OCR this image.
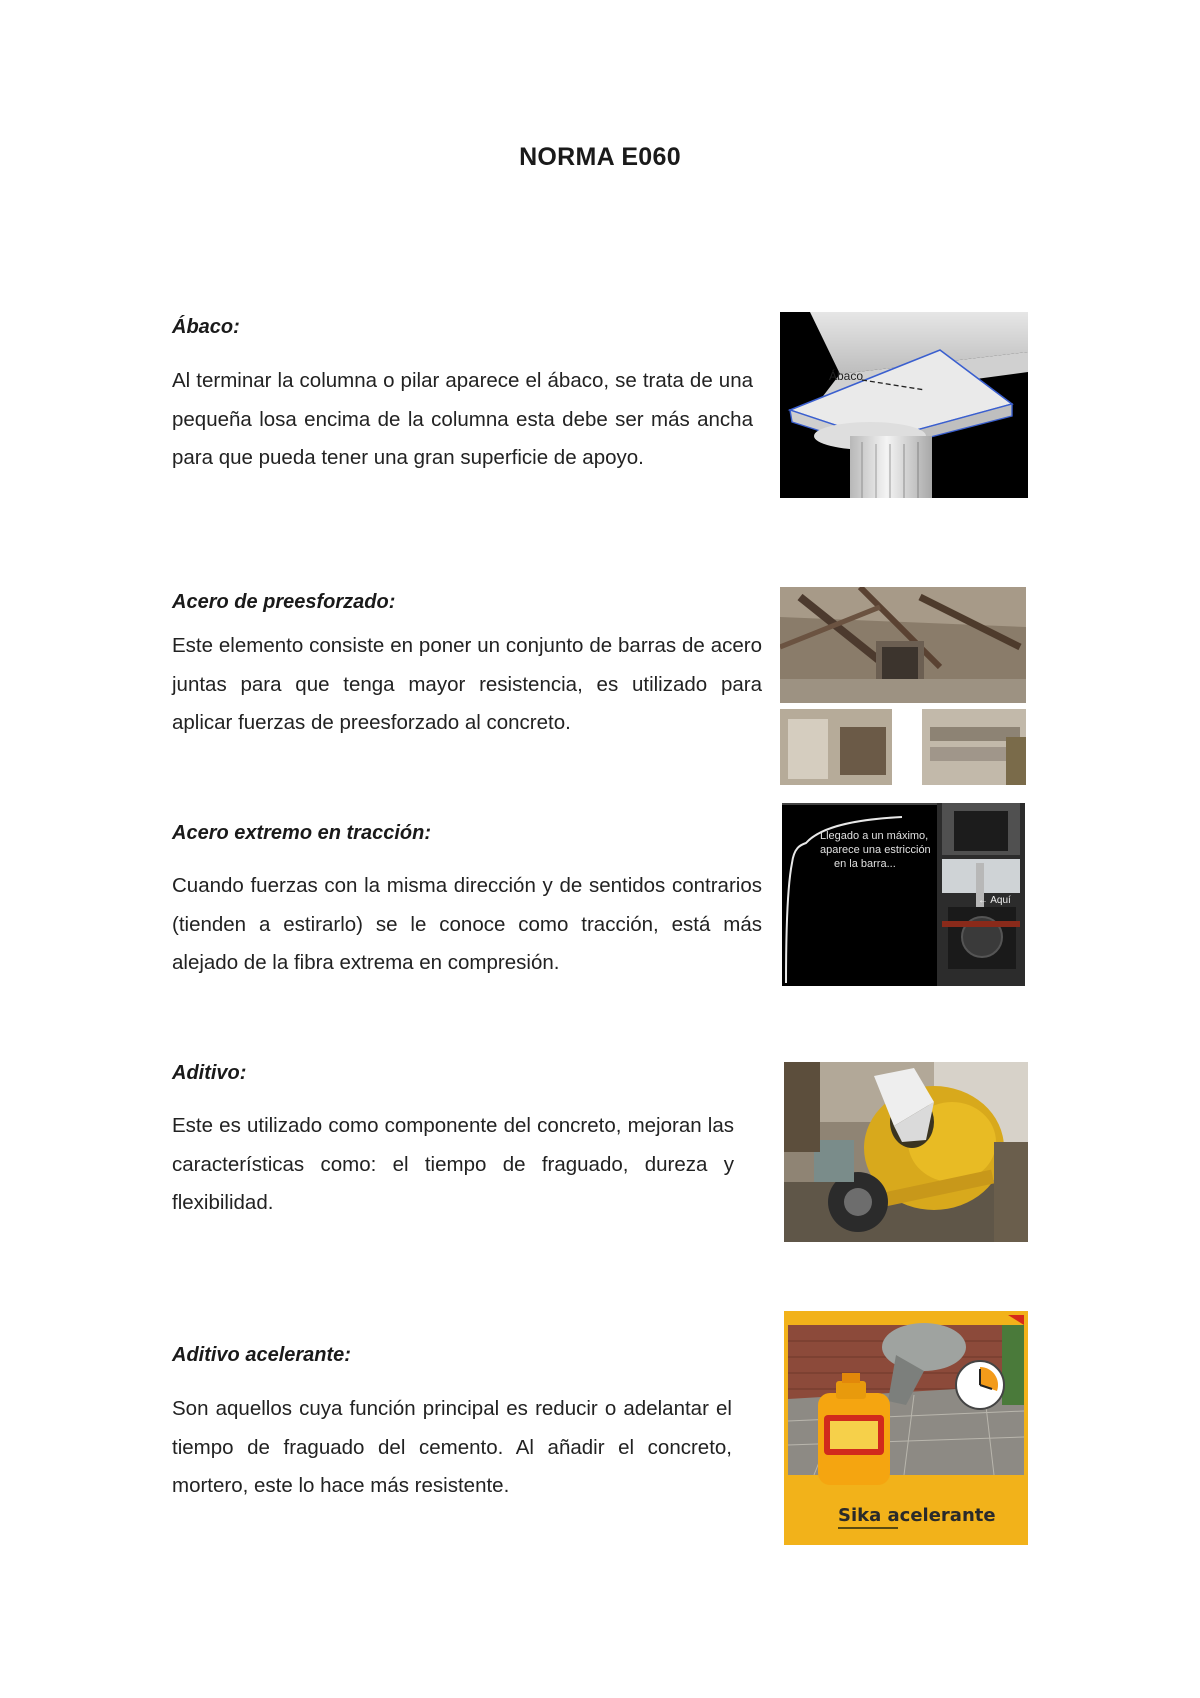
NORMA E060
Ábaco:
Al terminar la columna o pilar aparece el ábaco, se trata de una pequeña losa encima de la columna esta debe ser más ancha para que pueda tener una gran superficie de apoyo.
Ábaco
Acero de preesforzado:
Este elemento consiste en poner un conjunto de barras de acero juntas para que tenga mayor resistencia, es utilizado para aplicar fuerzas de preesforzado al concreto.
Acero extremo en tracción:
Cuando fuerzas con la misma dirección y de sentidos contrarios (tienden a estirarlo) se le conoce como tracción, está más alejado de la fibra extrema en compresión.
Llegado a un máximo,
aparece una estricción
en la barra...
← Aquí
Aditivo:
Este es utilizado como componente del concreto, mejoran las características como: el tiempo de fraguado, dureza y flexibilidad.
Aditivo acelerante:
Son aquellos cuya función principal es reducir o adelantar el tiempo de fraguado del cemento. Al añadir el concreto, mortero, este lo hace más resistente.
Sika acelerante
